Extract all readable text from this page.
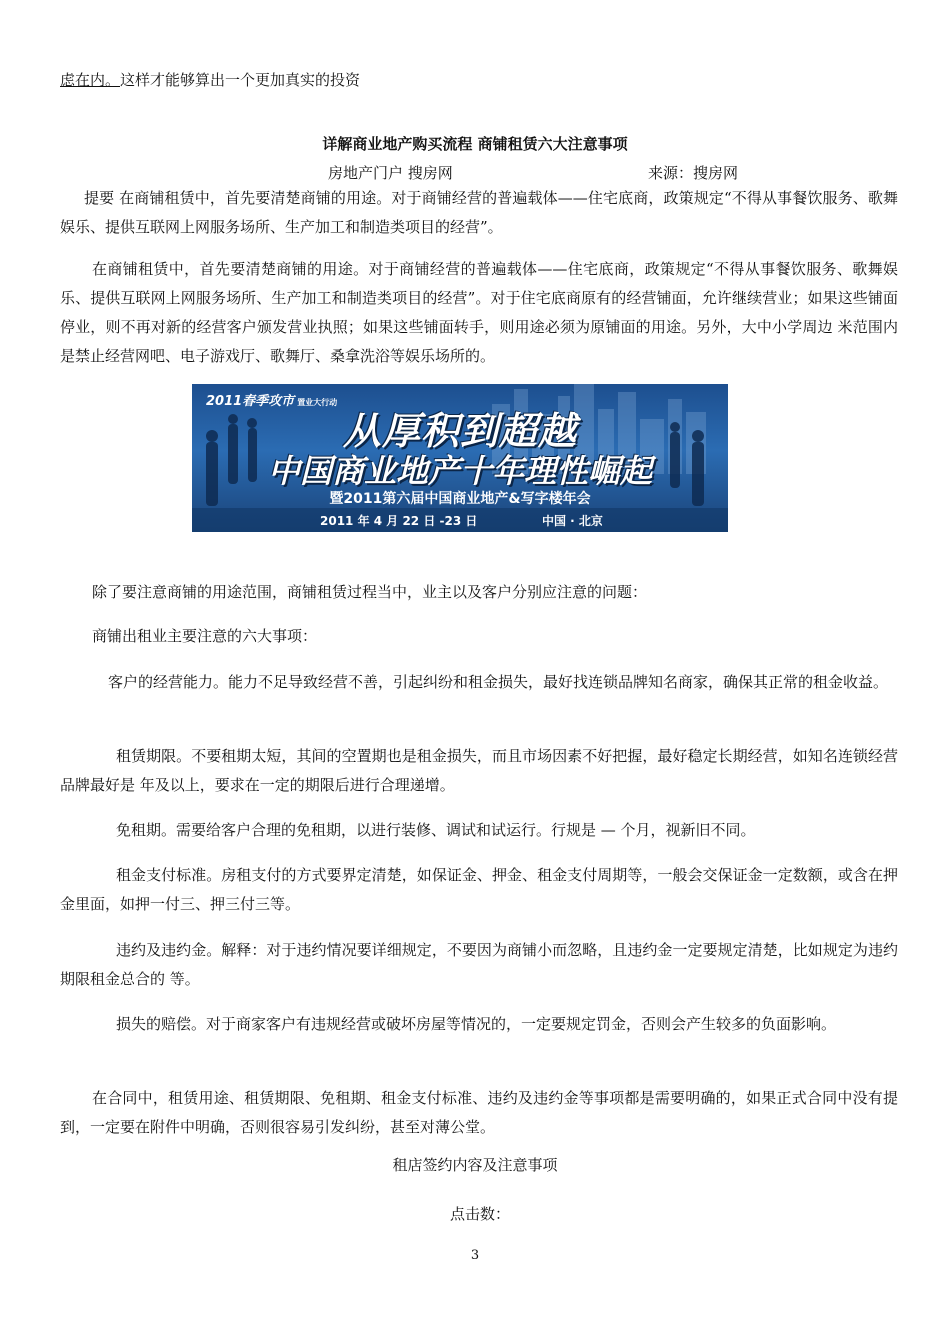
虑在内。这样才能够算出一个更加真实的投资
详解商业地产购买流程 商铺租赁六大注意事项
房地产门户 搜房网	来源：搜房网
提要 在商铺租赁中，首先要清楚商铺的用途。对于商铺经营的普遍载体——住宅底商，政策规定“不得从事餐饮服务、歌舞娱乐、提供互联网上网服务场所、生产加工和制造类项目的经营”。
在商铺租赁中，首先要清楚商铺的用途。对于商铺经营的普遍载体——住宅底商，政策规定“不得从事餐饮服务、歌舞娱乐、提供互联网上网服务场所、生产加工和制造类项目的经营”。对于住宅底商原有的经营铺面，允许继续营业；如果这些铺面停业，则不再对新的经营客户颁发营业执照；如果这些铺面转手，则用途必须为原铺面的用途。另外，大中小学周边 米范围内是禁止经营网吧、电子游戏厅、歌舞厅、桑拿洗浴等娱乐场所的。
2011春季攻市 置业大行动
从厚积到超越
中国商业地产十年理性崛起
暨2011第六届中国商业地产&写字楼年会
2011 年 4 月 22 日 -23 日	中国 · 北京
除了要注意商铺的用途范围，商铺租赁过程当中，业主以及客户分别应注意的问题：
商铺出租业主要注意的六大事项：
客户的经营能力。能力不足导致经营不善，引起纠纷和租金损失，最好找连锁品牌知名商家，确保其正常的租金收益。
租赁期限。不要租期太短，其间的空置期也是租金损失，而且市场因素不好把握，最好稳定长期经营，如知名连锁经营品牌最好是 年及以上，要求在一定的期限后进行合理递增。
免租期。需要给客户合理的免租期，以进行装修、调试和试运行。行规是 — 个月，视新旧不同。
租金支付标准。房租支付的方式要界定清楚，如保证金、押金、租金支付周期等，一般会交保证金一定数额，或含在押金里面，如押一付三、押三付三等。
违约及违约金。解释：对于违约情况要详细规定，不要因为商铺小而忽略，且违约金一定要规定清楚，比如规定为违约期限租金总合的 等。
损失的赔偿。对于商家客户有违规经营或破坏房屋等情况的，一定要规定罚金，否则会产生较多的负面影响。
在合同中，租赁用途、租赁期限、免租期、租金支付标准、违约及违约金等事项都是需要明确的，如果正式合同中没有提到，一定要在附件中明确，否则很容易引发纠纷，甚至对薄公堂。
租店签约内容及注意事项
点击数：
3
